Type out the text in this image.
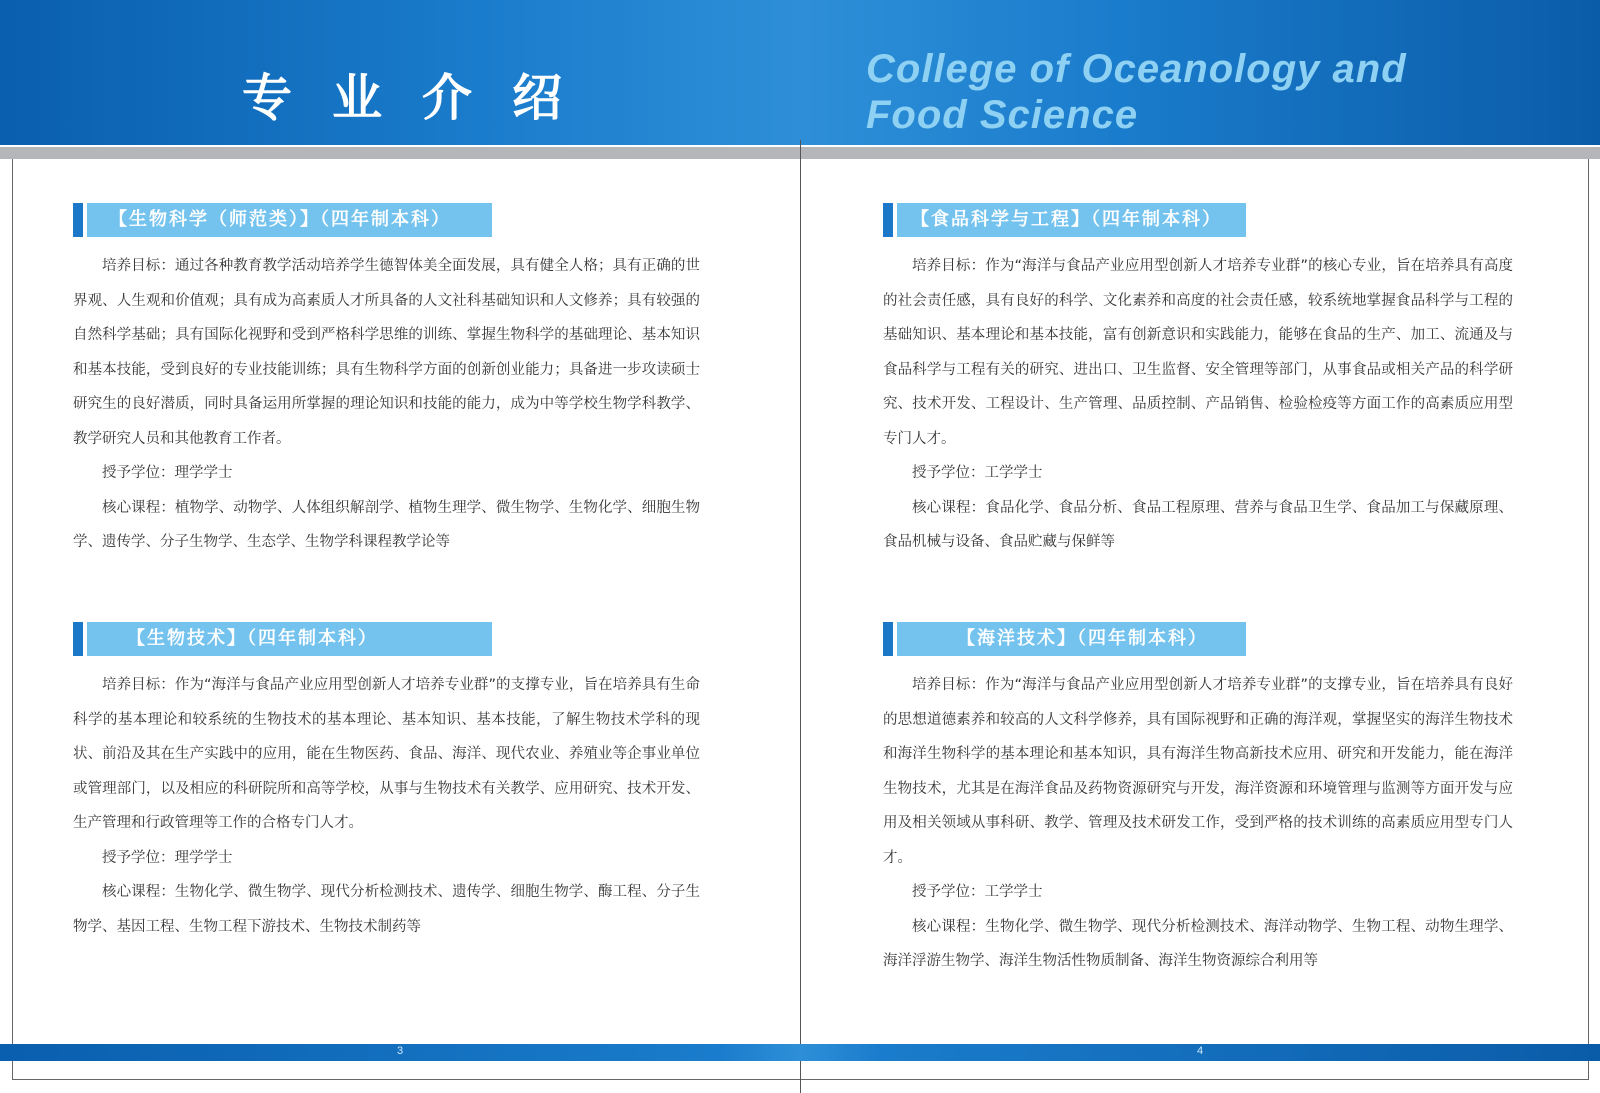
专业介绍	College of Oceanology and
Food Science
【生物科学（师范类）】（四年制本科）

培养目标：通过各种教育教学活动培养学生德智体美全面发展，具有健全人格；具有正确的世界观、人生观和价值观；具有成为高素质人才所具备的人文社科基础知识和人文修养；具有较强的自然科学基础；具有国际化视野和受到严格科学思维的训练、掌握生物科学的基础理论、基本知识和基本技能，受到良好的专业技能训练；具有生物科学方面的创新创业能力；具备进一步攻读硕士研究生的良好潜质，同时具备运用所掌握的理论知识和技能的能力，成为中等学校生物学科教学、教学研究人员和其他教育工作者。

授予学位：理学学士

核心课程：植物学、动物学、人体组织解剖学、植物生理学、微生物学、生物化学、细胞生物学、遗传学、分子生物学、生态学、生物学科课程教学论等

【生物技术】（四年制本科）

培养目标：作为“海洋与食品产业应用型创新人才培养专业群”的支撑专业，旨在培养具有生命科学的基本理论和较系统的生物技术的基本理论、基本知识、基本技能，了解生物技术学科的现状、前沿及其在生产实践中的应用，能在生物医药、食品、海洋、现代农业、养殖业等企事业单位或管理部门，以及相应的科研院所和高等学校，从事与生物技术有关教学、应用研究、技术开发、生产管理和行政管理等工作的合格专门人才。

授予学位：理学学士

核心课程：生物化学、微生物学、现代分析检测技术、遗传学、细胞生物学、酶工程、分子生物学、基因工程、生物工程下游技术、生物技术制药等

【食品科学与工程】（四年制本科）

培养目标：作为“海洋与食品产业应用型创新人才培养专业群”的核心专业，旨在培养具有高度的社会责任感，具有良好的科学、文化素养和高度的社会责任感，较系统地掌握食品科学与工程的基础知识、基本理论和基本技能，富有创新意识和实践能力，能够在食品的生产、加工、流通及与食品科学与工程有关的研究、进出口、卫生监督、安全管理等部门，从事食品或相关产品的科学研究、技术开发、工程设计、生产管理、品质控制、产品销售、检验检疫等方面工作的高素质应用型专门人才。

授予学位：工学学士

核心课程：食品化学、食品分析、食品工程原理、营养与食品卫生学、食品加工与保藏原理、食品机械与设备、食品贮藏与保鲜等

【海洋技术】（四年制本科）

培养目标：作为“海洋与食品产业应用型创新人才培养专业群”的支撑专业，旨在培养具有良好的思想道德素养和较高的人文科学修养，具有国际视野和正确的海洋观，掌握坚实的海洋生物技术和海洋生物科学的基本理论和基本知识，具有海洋生物高新技术应用、研究和开发能力，能在海洋生物技术，尤其是在海洋食品及药物资源研究与开发，海洋资源和环境管理与监测等方面开发与应用及相关领域从事科研、教学、管理及技术研发工作，受到严格的技术训练的高素质应用型专门人才。

授予学位：工学学士

核心课程：生物化学、微生物学、现代分析检测技术、海洋动物学、生物工程、动物生理学、海洋浮游生物学、海洋生物活性物质制备、海洋生物资源综合利用等

3	4
